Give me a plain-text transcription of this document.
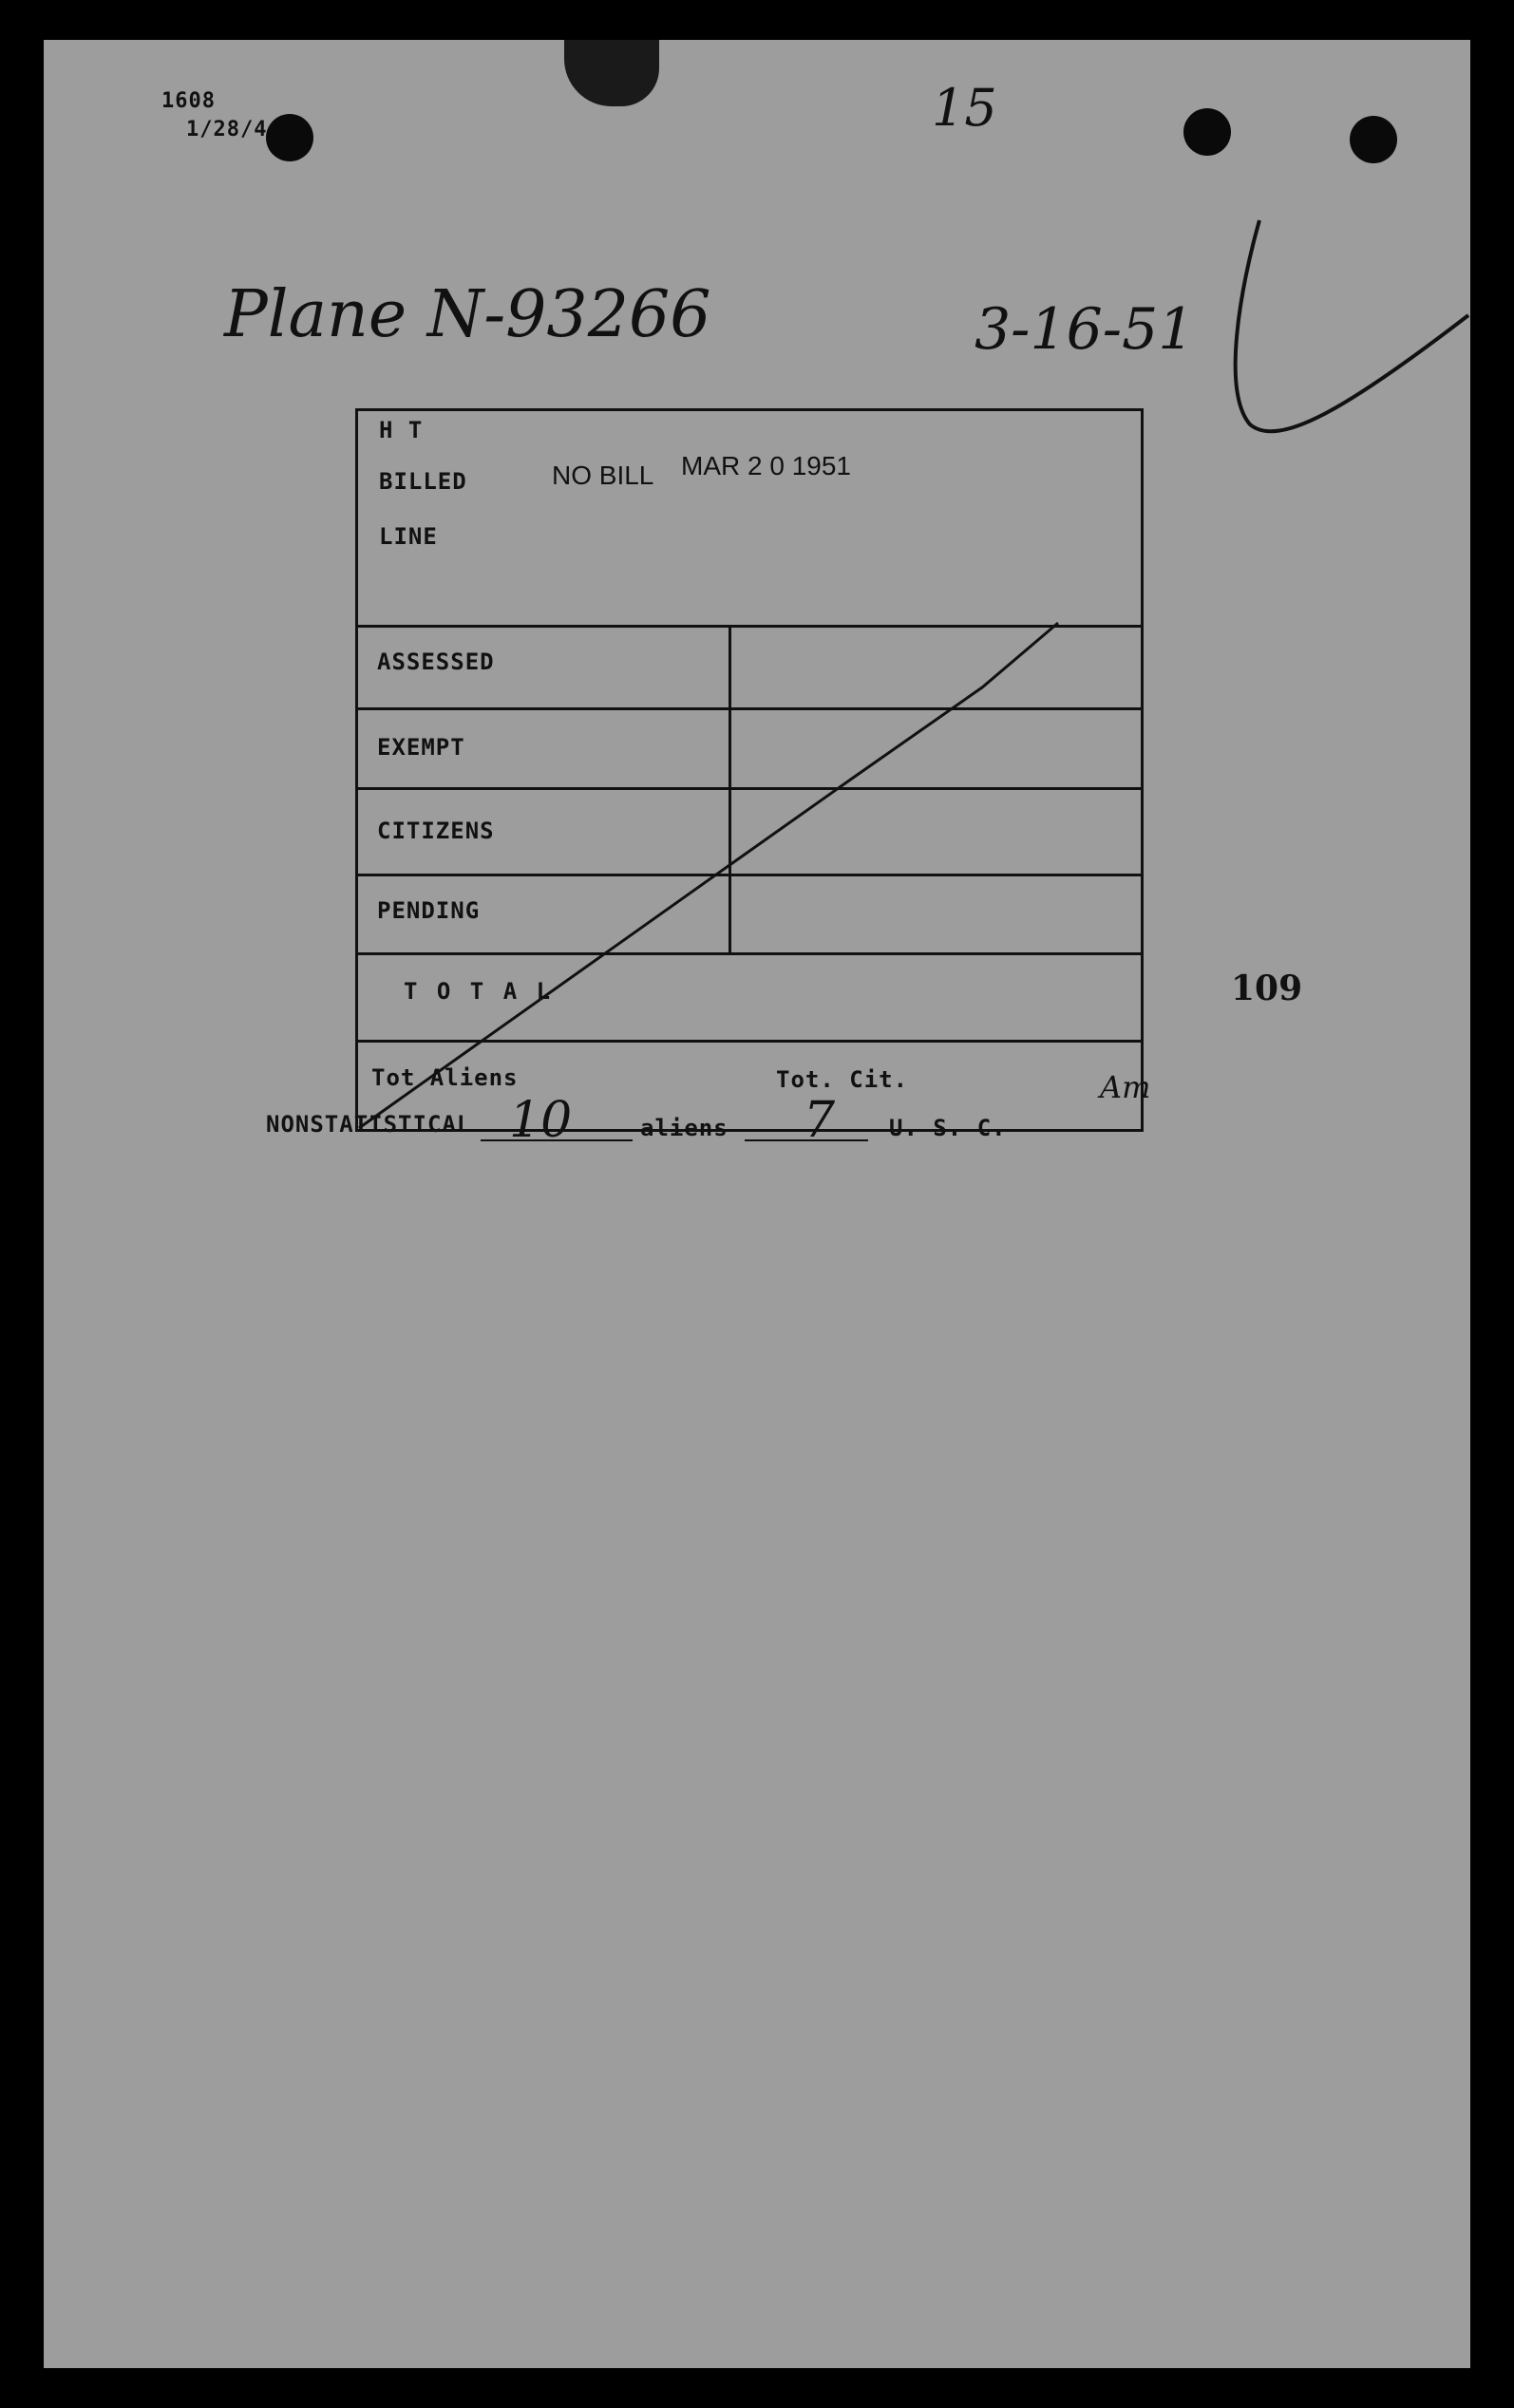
1608
1/28/4	15
Plane N-93266	3-16-51
H T
BILLED
LINE
NO BILL MAR 2 0 1951
ASSESSED
EXEMPT
CITIZENS
PENDING
T O T A L
Tot Aliens	Tot. Cit.
109
Am
NONSTATISTICAL 10	aliens 7 U. S. C.
